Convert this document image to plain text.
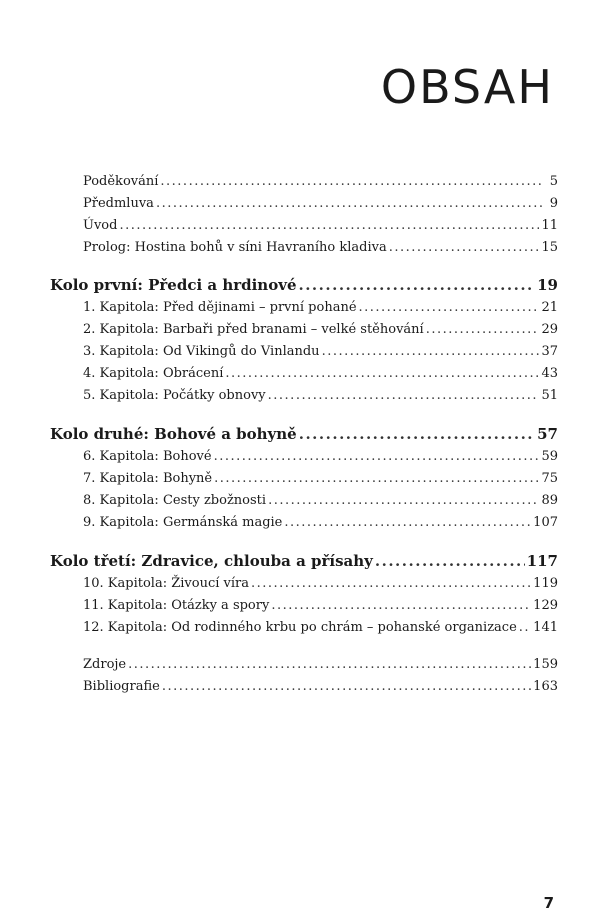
OBSAH
Poděkování .....	5
Předmluva .....	9
Úvod .....	11
Prolog: Hostina bohů v síni Havraního kladiva .....	15
Kolo první: Předci a hrdinové .....	19
1. Kapitola: Před dějinami – první pohané .....	21
2. Kapitola: Barbaři před branami – velké stěhování .....	29
3. Kapitola: Od Vikingů do Vinlandu .....	37
4. Kapitola: Obrácení .....	43
5. Kapitola: Počátky obnovy .....	51
Kolo druhé: Bohové a bohyně .....	57
6. Kapitola: Bohové .....	59
7. Kapitola: Bohyně .....	75
8. Kapitola: Cesty zbožnosti .....	89
9. Kapitola: Germánská magie .....	107
Kolo třetí: Zdravice, chlouba a přísahy .....	117
10. Kapitola: Živoucí víra .....	119
11. Kapitola: Otázky a spory .....	129
12. Kapitola: Od rodinného krbu po chrám – pohanské organizace ..... 141
Zdroje .....	159
Bibliografie .....	163
7
